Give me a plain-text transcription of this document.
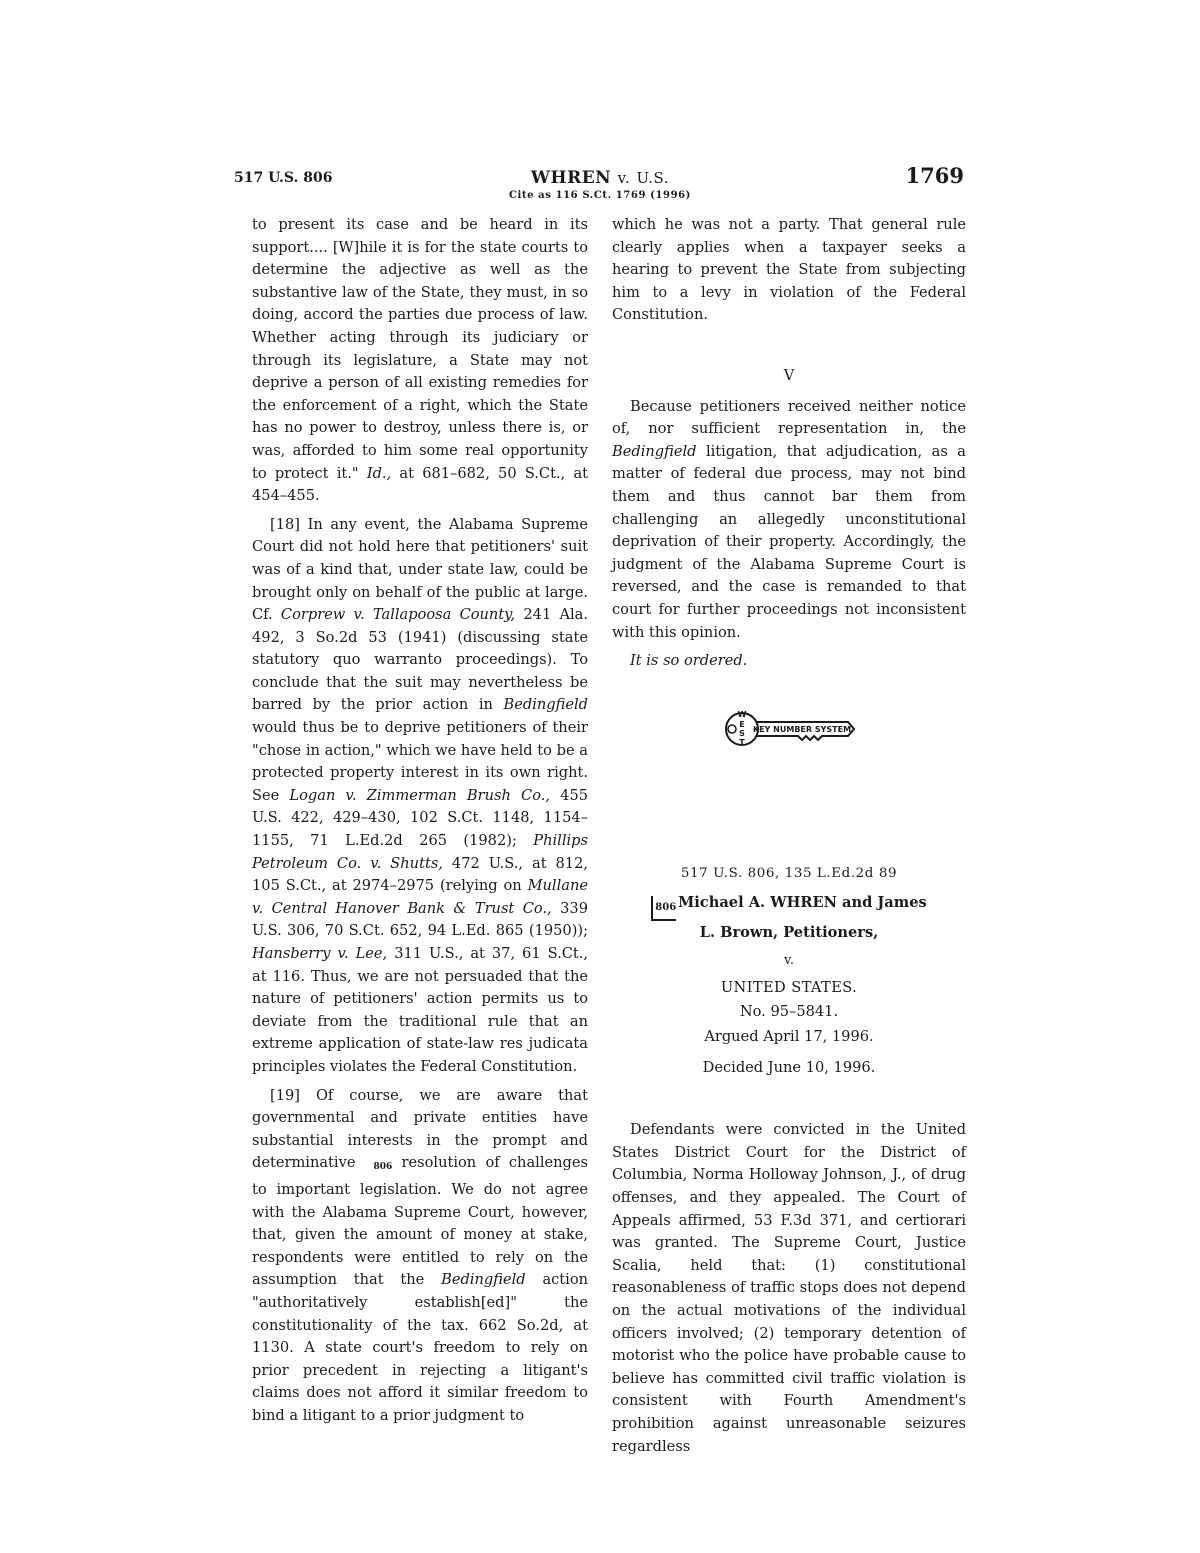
517 U.S. 806	WHREN v. U.S.
Cite as 116 S.Ct. 1769 (1996)
1769

to present its case and be heard in its support.... [W]hile it is for the state courts to determine the adjective as well as the substantive law of the State, they must, in so doing, accord the parties due process of law. Whether acting through its judiciary or through its legislature, a State may not deprive a person of all existing remedies for the enforcement of a right, which the State has no power to destroy, unless there is, or was, afforded to him some real opportunity to protect it." Id., at 681–682, 50 S.Ct., at 454–455.

[18] In any event, the Alabama Supreme Court did not hold here that petitioners' suit was of a kind that, under state law, could be brought only on behalf of the public at large. Cf. Corprew v. Tallapoosa County, 241 Ala. 492, 3 So.2d 53 (1941) (discussing state statutory quo warranto proceedings). To conclude that the suit may nevertheless be barred by the prior action in Bedingfield would thus be to deprive petitioners of their "chose in action," which we have held to be a protected property interest in its own right. See Logan v. Zimmerman Brush Co., 455 U.S. 422, 429–430, 102 S.Ct. 1148, 1154–1155, 71 L.Ed.2d 265 (1982); Phillips Petroleum Co. v. Shutts, 472 U.S., at 812, 105 S.Ct., at 2974–2975 (relying on Mullane v. Central Hanover Bank & Trust Co., 339 U.S. 306, 70 S.Ct. 652, 94 L.Ed. 865 (1950)); Hansberry v. Lee, 311 U.S., at 37, 61 S.Ct., at 116. Thus, we are not persuaded that the nature of petitioners' action permits us to deviate from the traditional rule that an extreme application of state-law res judicata principles violates the Federal Constitution.

[19] Of course, we are aware that governmental and private entities have substantial interests in the prompt and determinative 806 resolution of challenges to important legislation. We do not agree with the Alabama Supreme Court, however, that, given the amount of money at stake, respondents were entitled to rely on the assumption that the Bedingfield action "authoritatively establish[ed]" the constitutionality of the tax. 662 So.2d, at 1130. A state court's freedom to rely on prior precedent in rejecting a litigant's claims does not afford it similar freedom to bind a litigant to a prior judgment to

which he was not a party. That general rule clearly applies when a taxpayer seeks a hearing to prevent the State from subjecting him to a levy in violation of the Federal Constitution.

V

Because petitioners received neither notice of, nor sufficient representation in, the Bedingfield litigation, that adjudication, as a matter of federal due process, may not bind them and thus cannot bar them from challenging an allegedly unconstitutional deprivation of their property. Accordingly, the judgment of the Alabama Supreme Court is reversed, and the case is remanded to that court for further proceedings not inconsistent with this opinion.

It is so ordered.

W
E
S
T
KEY NUMBER SYSTEM
517 U.S. 806, 135 L.Ed.2d 89
806 Michael A. WHREN and James
L. Brown, Petitioners,
v.
UNITED STATES.
No. 95–5841.
Argued April 17, 1996.
Decided June 10, 1996.

Defendants were convicted in the United States District Court for the District of Columbia, Norma Holloway Johnson, J., of drug offenses, and they appealed. The Court of Appeals affirmed, 53 F.3d 371, and certiorari was granted. The Supreme Court, Justice Scalia, held that: (1) constitutional reasonableness of traffic stops does not depend on the actual motivations of the individual officers involved; (2) temporary detention of motorist who the police have probable cause to believe has committed civil traffic violation is consistent with Fourth Amendment's prohibition against unreasonable seizures regardless
